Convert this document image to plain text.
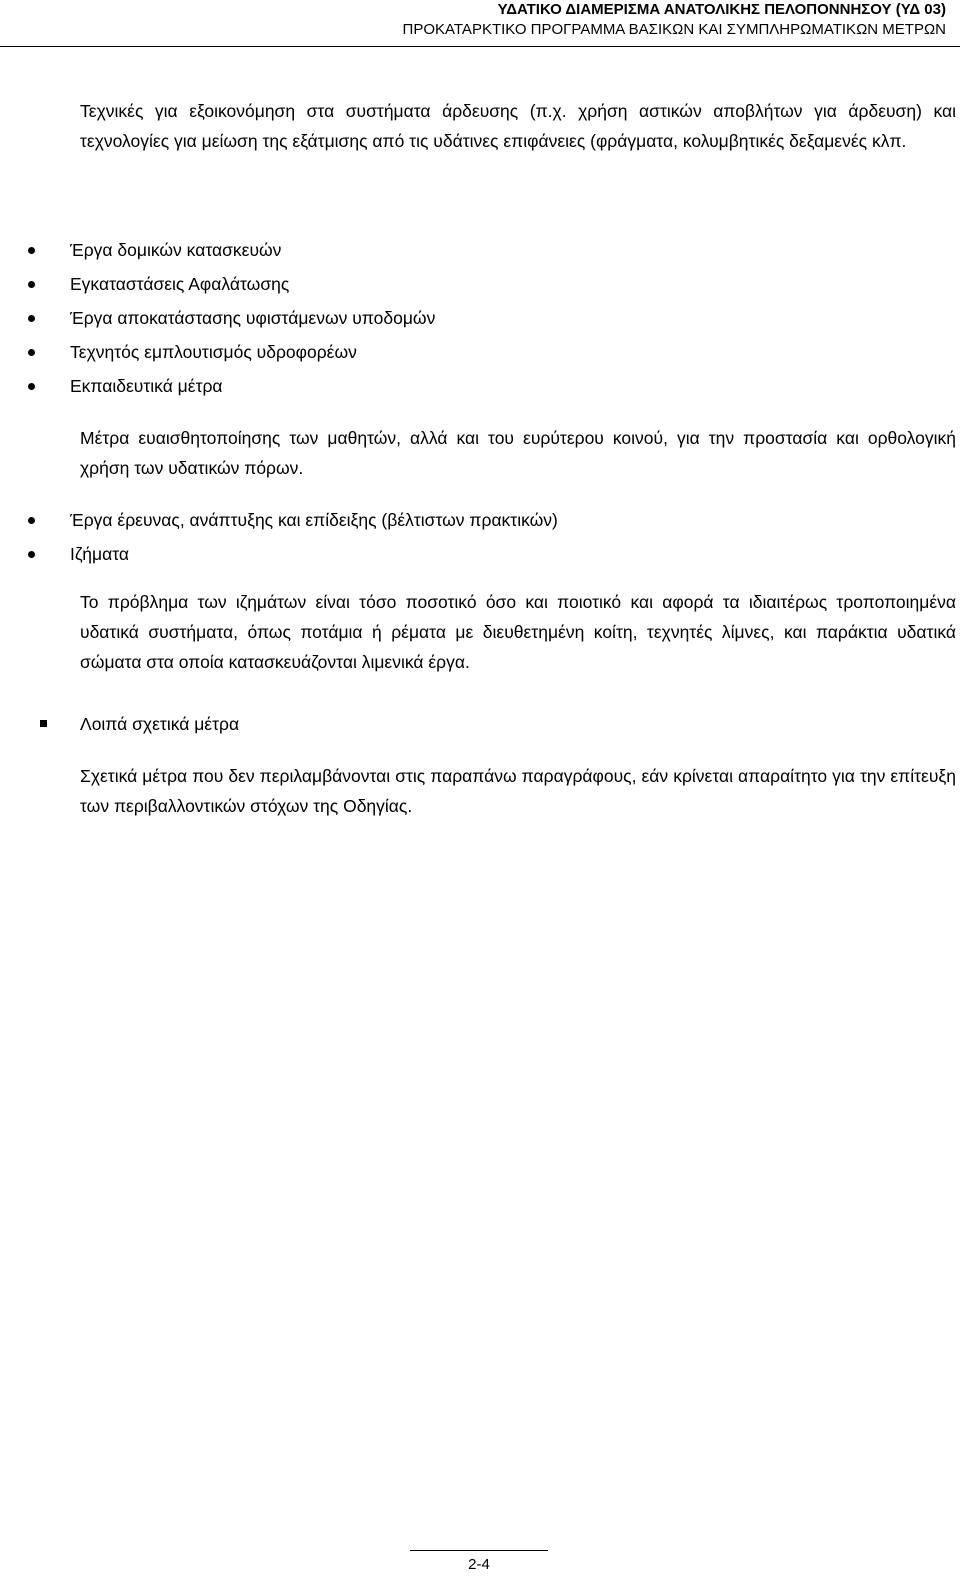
ΥΔΑΤΙΚΟ ΔΙΑΜΕΡΙΣΜΑ ΑΝΑΤΟΛΙΚΗΣ ΠΕΛΟΠΟΝΝΗΣΟΥ (ΥΔ 03)
ΠΡΟΚΑΤΑΡΚΤΙΚΟ ΠΡΟΓΡΑΜΜΑ ΒΑΣΙΚΩΝ ΚΑΙ ΣΥΜΠΛΗΡΩΜΑΤΙΚΩΝ ΜΕΤΡΩΝ
Τεχνικές για εξοικονόμηση στα συστήματα άρδευσης (π.χ. χρήση αστικών αποβλήτων για άρδευση) και τεχνολογίες για μείωση της εξάτμισης από τις υδάτινες επιφάνειες (φράγματα, κολυμβητικές δεξαμενές κλπ.
Έργα δομικών κατασκευών
Εγκαταστάσεις Αφαλάτωσης
Έργα αποκατάστασης υφιστάμενων υποδομών
Τεχνητός εμπλουτισμός υδροφορέων
Εκπαιδευτικά μέτρα
Μέτρα ευαισθητοποίησης των μαθητών, αλλά και του ευρύτερου κοινού, για την προστασία και ορθολογική χρήση των υδατικών πόρων.
Έργα έρευνας, ανάπτυξης και επίδειξης (βέλτιστων πρακτικών)
Ιζήματα
Το πρόβλημα των ιζημάτων είναι τόσο ποσοτικό όσο και ποιοτικό και αφορά τα ιδιαιτέρως τροποποιημένα υδατικά συστήματα, όπως ποτάμια ή ρέματα με διευθετημένη κοίτη, τεχνητές λίμνες, και παράκτια υδατικά σώματα στα οποία κατασκευάζονται λιμενικά έργα.
Λοιπά σχετικά μέτρα
Σχετικά μέτρα που δεν περιλαμβάνονται στις παραπάνω παραγράφους, εάν κρίνεται απαραίτητο για την επίτευξη των περιβαλλοντικών στόχων της Οδηγίας.
2-4
